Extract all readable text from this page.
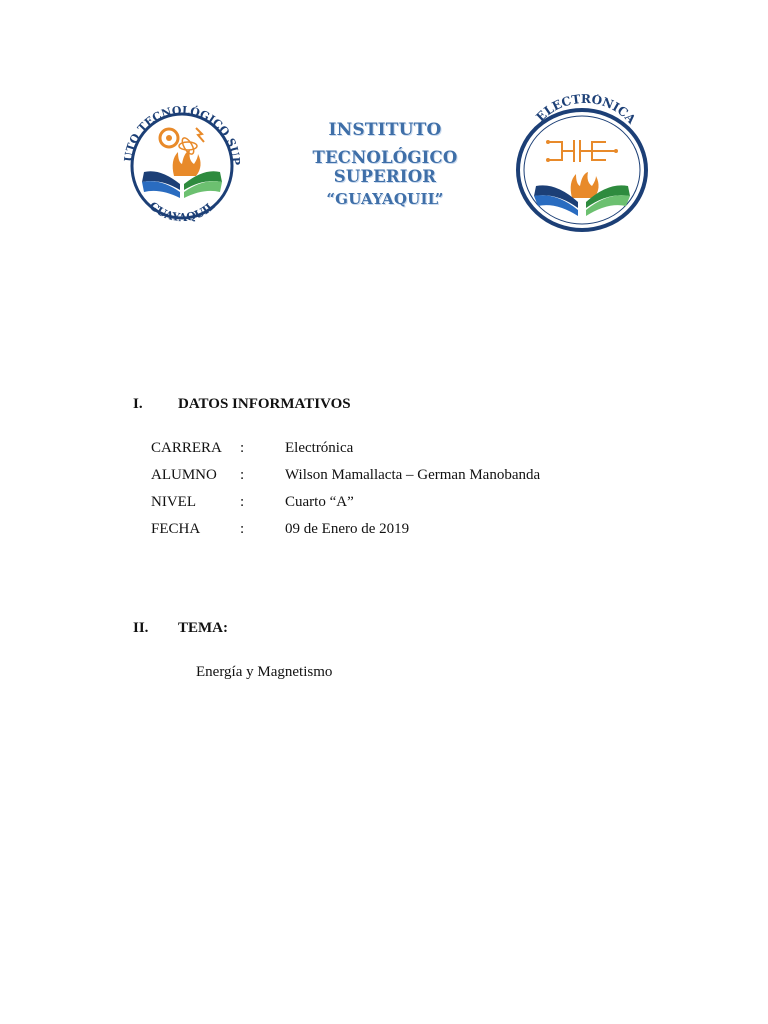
UTO TECNOLÓGICO SUP
GUAYAQUIL
INSTITUTO
TECNOLÓGICO SUPERIOR
“GUAYAQUIL”
ELECTRÓNICA
I. DATOS INFORMATIVOS
CARRERA :	Electrónica
ALUMNO :	Wilson Mamallacta – German Manobanda
NIVEL	:	Cuarto “A”
FECHA	:	09 de Enero de 2019
II. TEMA:
Energía y Magnetismo
